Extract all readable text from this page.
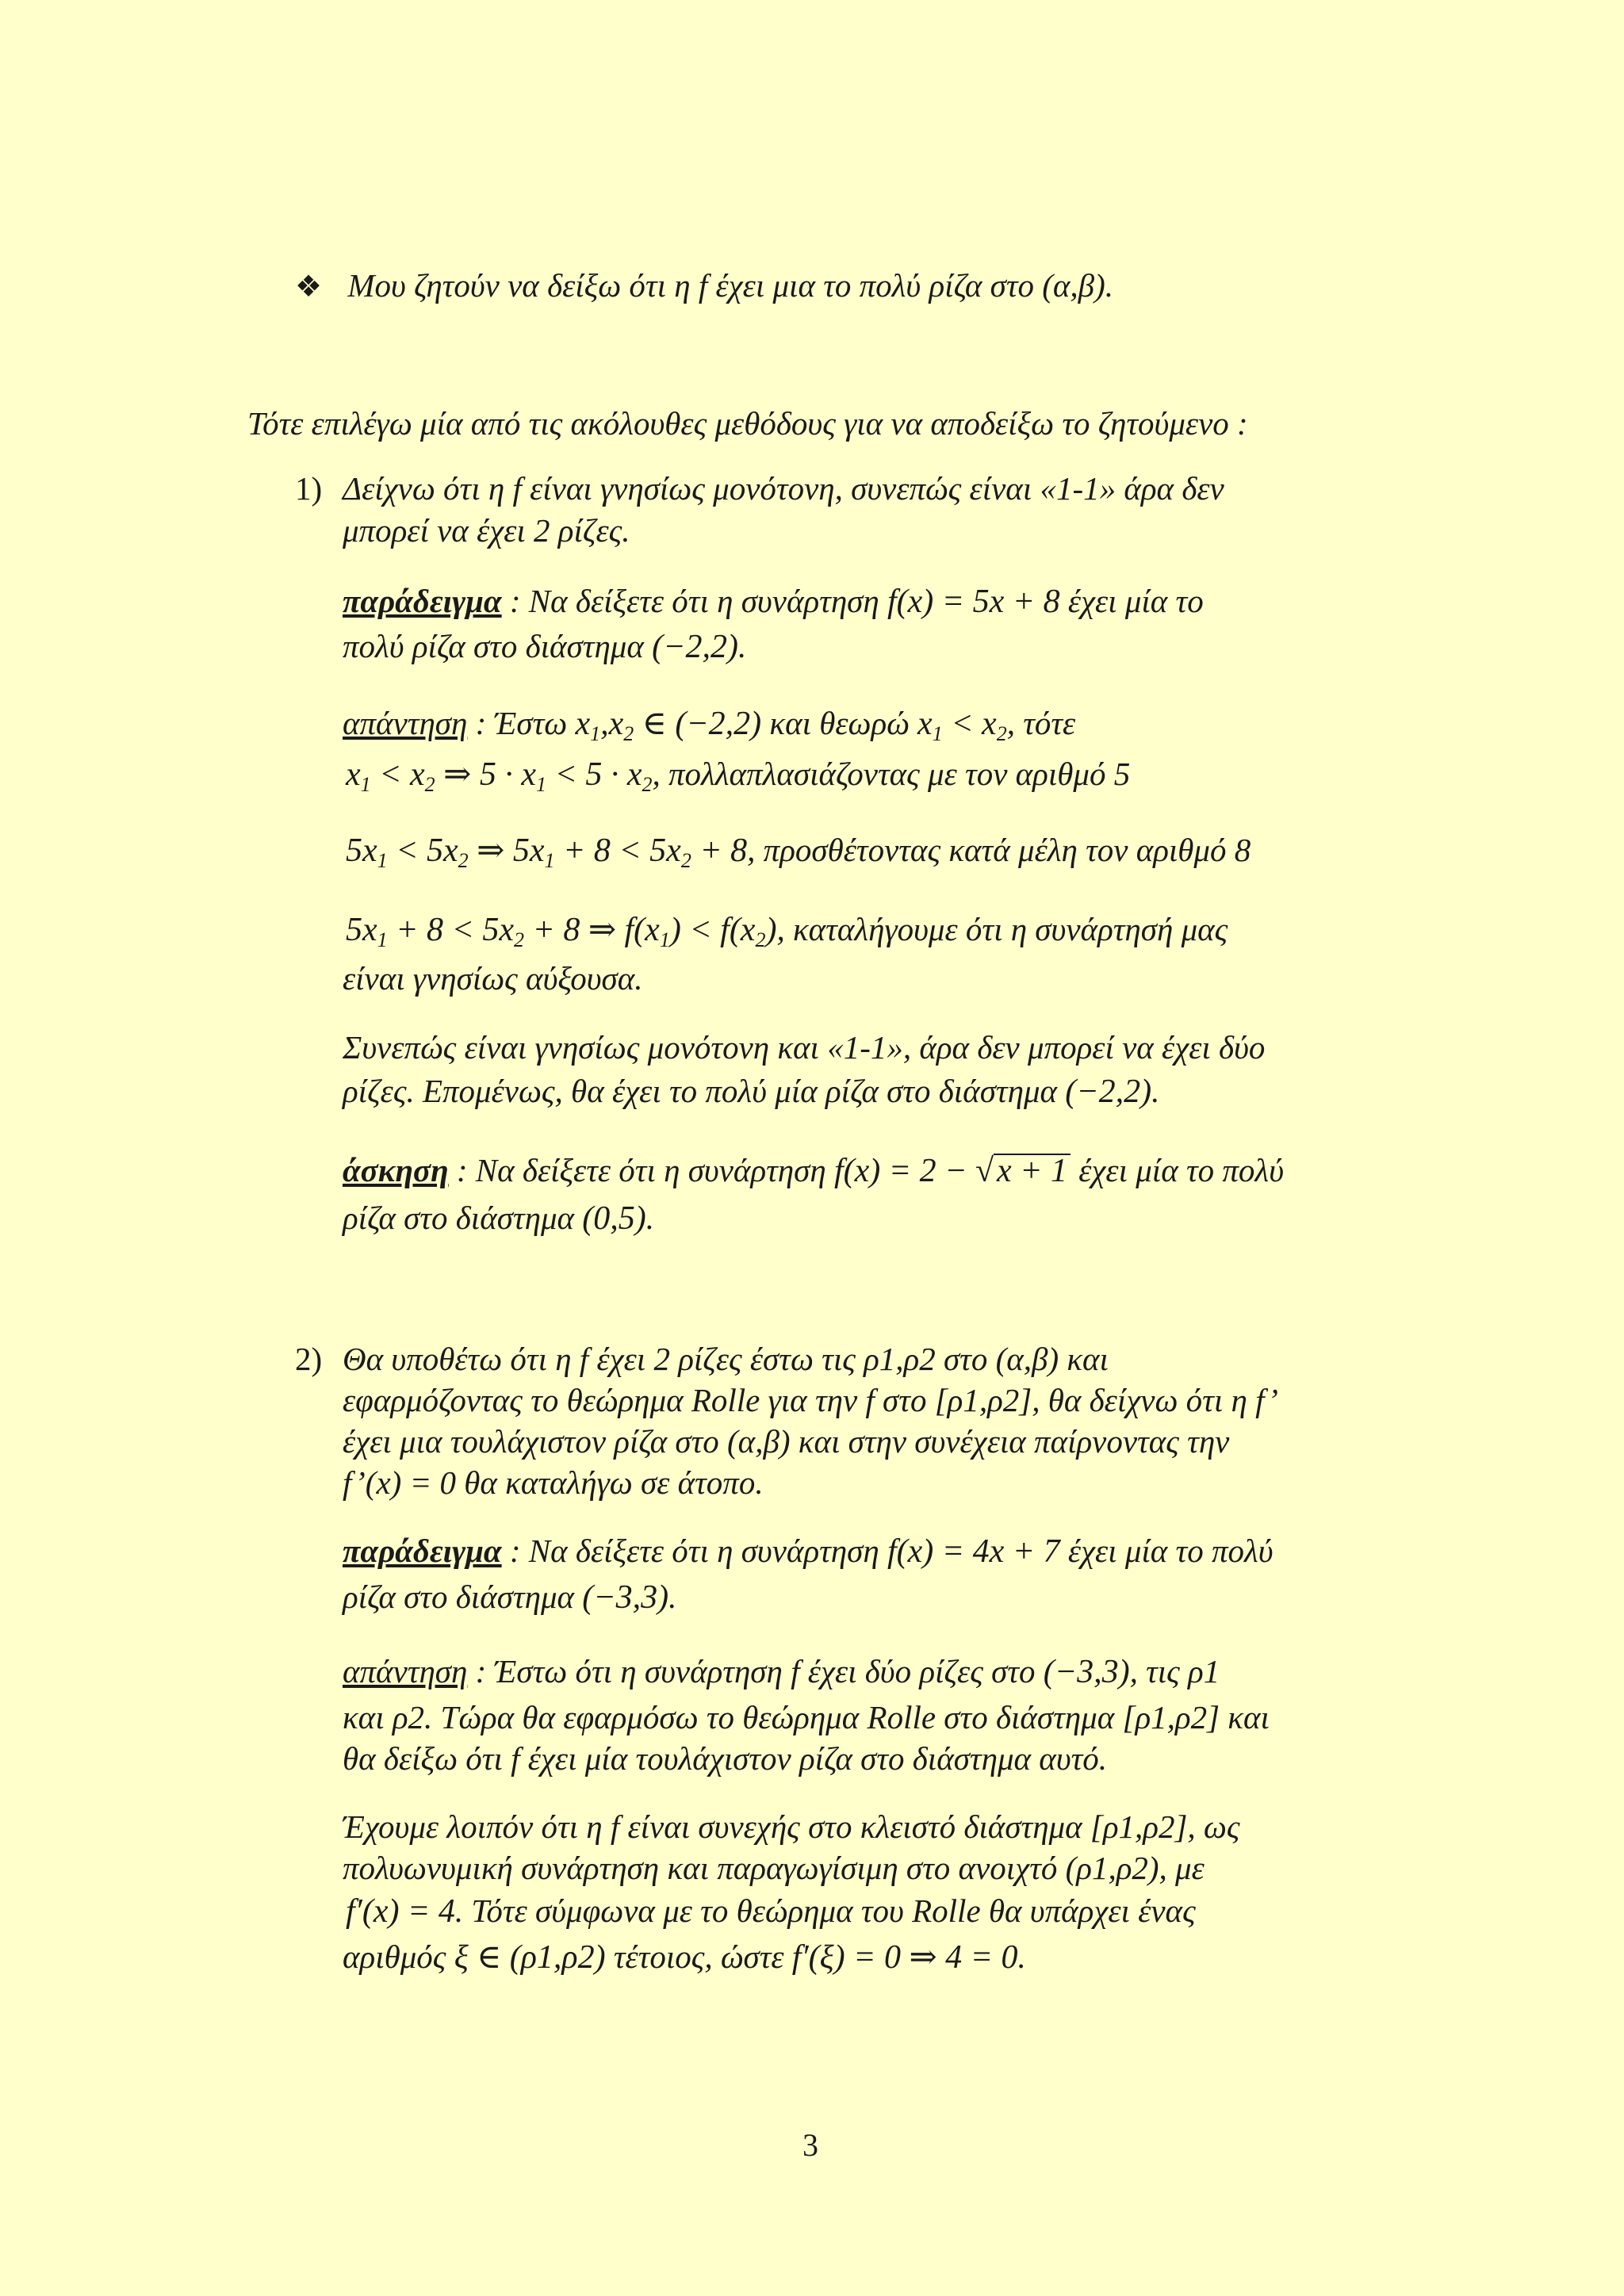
❖ Μου ζητούν να δείξω ότι η f έχει μια το πολύ ρίζα στο (α,β).
Τότε επιλέγω μία από τις ακόλουθες μεθόδους για να αποδείξω το ζητούμενο :
1) Δείχνω ότι η f είναι γνησίως μονότονη, συνεπώς είναι «1-1» άρα δεν
μπορεί να έχει 2 ρίζες.
παράδειγμα : Να δείξετε ότι η συνάρτηση f(x) = 5x + 8 έχει μία το
πολύ ρίζα στο διάστημα (−2,2).
απάντηση : Έστω $x_1,x_2$ ∈ (−2,2) και θεωρώ $x_1 < x_2$, τότε
$x_1 < x_2$ ⇒ $5 \cdot x_1 < 5 \cdot x_2$, πολλαπλασιάζοντας με τον αριθμό 5
$5x_1 < 5x_2$ ⇒ $5x_1 + 8 < 5x_2 + 8$, προσθέτοντας κατά μέλη τον αριθμό 8
$5x_1 + 8 < 5x_2 + 8$ ⇒ $f(x_1) < f(x_2)$, καταλήγουμε ότι η συνάρτησή μας
είναι γνησίως αύξουσα.
Συνεπώς είναι γνησίως μονότονη και «1-1», άρα δεν μπορεί να έχει δύο
ρίζες. Επομένως, θα έχει το πολύ μία ρίζα στο διάστημα (−2,2).
άσκηση : Να δείξετε ότι η συνάρτηση f(x) = 2 − √x + 1 έχει μία το πολύ
ρίζα στο διάστημα (0,5).
2) Θα υποθέτω ότι η f έχει 2 ρίζες έστω τις ρ1,ρ2 στο (α,β) και
εφαρμόζοντας το θεώρημα Rolle για την f στο [ρ1,ρ2], θα δείχνω ότι η f’
έχει μια τουλάχιστον ρίζα στο (α,β) και στην συνέχεια παίρνοντας την
f’(x) = 0 θα καταλήγω σε άτοπο.
παράδειγμα : Να δείξετε ότι η συνάρτηση f(x) = 4x + 7 έχει μία το πολύ
ρίζα στο διάστημα (−3,3).
απάντηση : Έστω ότι η συνάρτηση f έχει δύο ρίζες στο (−3,3), τις ρ1
και ρ2. Τώρα θα εφαρμόσω το θεώρημα Rolle στο διάστημα [ρ1,ρ2] και
θα δείξω ότι f έχει μία τουλάχιστον ρίζα στο διάστημα αυτό.
Έχουμε λοιπόν ότι η f είναι συνεχής στο κλειστό διάστημα [ρ1,ρ2], ως
πολυωνυμική συνάρτηση και παραγωγίσιμη στο ανοιχτό (ρ1,ρ2), με
f′(x) = 4. Τότε σύμφωνα με το θεώρημα του Rolle θα υπάρχει ένας
αριθμός ξ ∈ (ρ1,ρ2) τέτοιος, ώστε f′(ξ) = 0 ⇒ 4 = 0.
3
